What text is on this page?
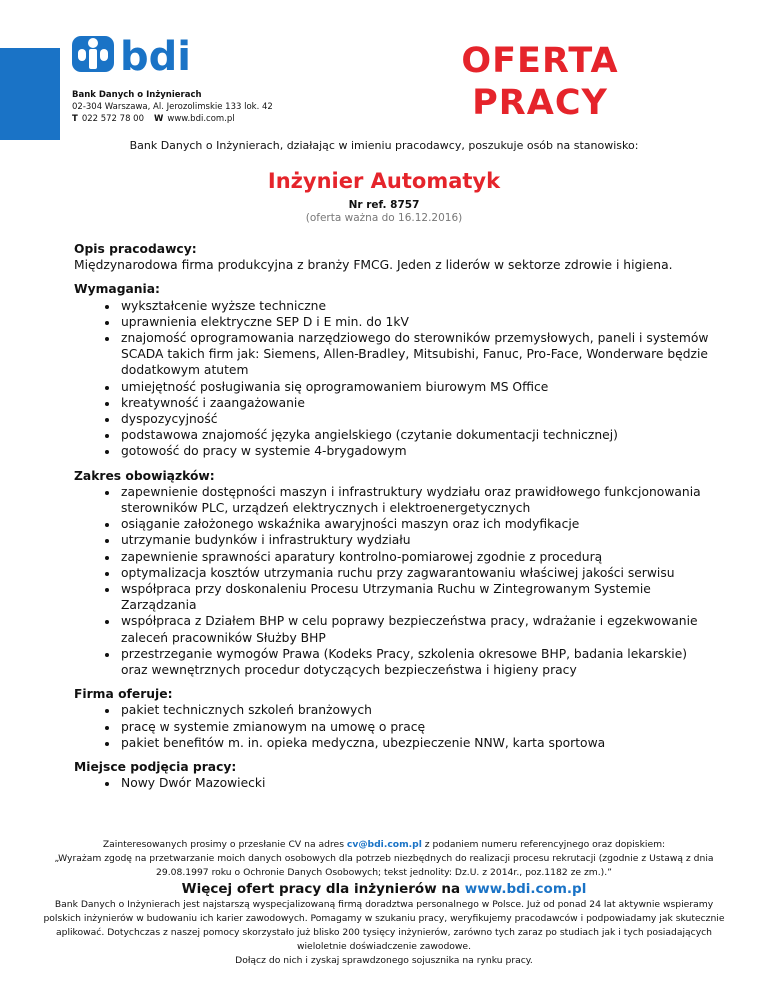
bdi
Bank Danych o Inżynierach
02-304 Warszawa, Al. Jerozolimskie 133 lok. 42
T 022 572 78 00 W www.bdi.com.pl
OFERTA
PRACY
Bank Danych o Inżynierach, działając w imieniu pracodawcy, poszukuje osób na stanowisko:
Inżynier Automatyk
Nr ref. 8757
(oferta ważna do 16.12.2016)
Opis pracodawcy:
Międzynarodowa firma produkcyjna z branży FMCG. Jeden z liderów w sektorze zdrowie i higiena.
Wymagania:
• wykształcenie wyższe techniczne
• uprawnienia elektryczne SEP D i E min. do 1kV
• znajomość oprogramowania narzędziowego do sterowników przemysłowych, paneli i systemów SCADA takich firm jak: Siemens, Allen-Bradley, Mitsubishi, Fanuc, Pro-Face, Wonderware będzie dodatkowym atutem
• umiejętność posługiwania się oprogramowaniem biurowym MS Office
• kreatywność i zaangażowanie
• dyspozycyjność
• podstawowa znajomość języka angielskiego (czytanie dokumentacji technicznej)
• gotowość do pracy w systemie 4-brygadowym
Zakres obowiązków:
• zapewnienie dostępności maszyn i infrastruktury wydziału oraz prawidłowego funkcjonowania sterowników PLC, urządzeń elektrycznych i elektroenergetycznych
• osiąganie założonego wskaźnika awaryjności maszyn oraz ich modyfikacje
• utrzymanie budynków i infrastruktury wydziału
• zapewnienie sprawności aparatury kontrolno-pomiarowej zgodnie z procedurą
• optymalizacja kosztów utrzymania ruchu przy zagwarantowaniu właściwej jakości serwisu
• współpraca przy doskonaleniu Procesu Utrzymania Ruchu w Zintegrowanym Systemie Zarządzania
• współpraca z Działem BHP w celu poprawy bezpieczeństwa pracy, wdrażanie i egzekwowanie zaleceń pracowników Służby BHP
• przestrzeganie wymogów Prawa (Kodeks Pracy, szkolenia okresowe BHP, badania lekarskie) oraz wewnętrznych procedur dotyczących bezpieczeństwa i higieny pracy
Firma oferuje:
• pakiet technicznych szkoleń branżowych
• pracę w systemie zmianowym na umowę o pracę
• pakiet benefitów m. in. opieka medyczna, ubezpieczenie NNW, karta sportowa
Miejsce podjęcia pracy:
• Nowy Dwór Mazowiecki
Zainteresowanych prosimy o przesłanie CV na adres cv@bdi.com.pl z podaniem numeru referencyjnego oraz dopiskiem:
„Wyrażam zgodę na przetwarzanie moich danych osobowych dla potrzeb niezbędnych do realizacji procesu rekrutacji (zgodnie z Ustawą z dnia 29.08.1997 roku o Ochronie Danych Osobowych; tekst jednolity: Dz.U. z 2014r., poz.1182 ze zm.).”
Więcej ofert pracy dla inżynierów na www.bdi.com.pl
Bank Danych o Inżynierach jest najstarszą wyspecjalizowaną firmą doradztwa personalnego w Polsce. Już od ponad 24 lat aktywnie wspieramy polskich inżynierów w budowaniu ich karier zawodowych. Pomagamy w szukaniu pracy, weryfikujemy pracodawców i podpowiadamy jak skutecznie aplikować. Dotychczas z naszej pomocy skorzystało już blisko 200 tysięcy inżynierów, zarówno tych zaraz po studiach jak i tych posiadających wieloletnie doświadczenie zawodowe.
Dołącz do nich i zyskaj sprawdzonego sojusznika na rynku pracy.
